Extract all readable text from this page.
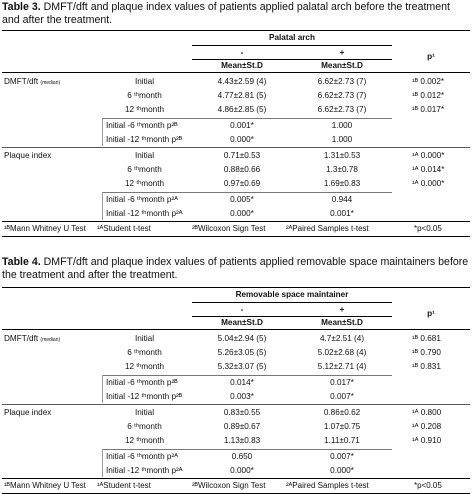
Table 3. DMFT/dft and plaque index values of patients applied palatal arch before the treatment and after the treatment.
Palatal arch
-	+	p¹
Mean±St.D	Mean±St.D
DMFT/dft (median)	Initial	4.43±2.59 (4)	6.62±2.73 (7)	¹ᴮ 0.002*
6 ᵗʰmonth	4.77±2.81 (5)	6.62±2.73 (7)	¹ᴮ 0.012*
12 ᵗʰmonth	4.86±2.85 (5)	6.62±2.73 (7)	¹ᴮ 0.017*
Initial -6 ᵗʰmonth p²ᴮ	0.001*	1.000
Initial -12 ᵗʰmonth p²ᴮ	0.000*	1.000
Plaque index	Initial	0.71±0.53	1.31±0.53	¹ᴬ 0.000*
6 ᵗʰmonth	0.88±0.66	1.3±0.78	¹ᴬ 0.014*
12 ᵗʰmonth	0.97±0.69	1.69±0.83	¹ᴬ 0.000*
Initial -6 ᵗʰmonth p²ᴬ	0.005*	0.944
Initial -12 ᵗʰmonth p²ᴬ	0.000*	0.001*
¹ᴮMann Whitney U Test ¹ᴬStudent t-test	²ᴮWilcoxon Sign Test	²ᴬPaired Samples t-test	*p<0.05
Table 4. DMFT/dft and plaque index values of patients applied removable space maintainers before the treatment and after the treatment.
Removable space maintainer
-	+	p¹
Mean±St.D	Mean±St.D
DMFT/dft (median)	Initial	5.04±2.94 (5)	4.7±2.51 (4)	¹ᴮ 0.681
6 ᵗʰmonth	5.26±3.05 (5)	5.02±2.68 (4)	¹ᴮ 0.790
12 ᵗʰmonth	5.32±3.07 (5)	5.12±2.71 (4)	¹ᴮ 0.831
Initial -6 ᵗʰmonth p²ᴮ	0.014*	0.017*
Initial -12 ᵗʰmonth p²ᴮ	0.003*	0.007*
Plaque index	Initial	0.83±0.55	0.86±0.62	¹ᴬ 0.800
6 ᵗʰmonth	0.89±0.67	1.07±0.75	¹ᴬ 0.208
12 ᵗʰmonth	1.13±0.83	1.11±0.71	¹ᴬ 0.910
Initial -6 ᵗʰmonth p²ᴬ	0.650	0.007*
Initial -12 ᵗʰmonth p²ᴬ	0.000*	0.000*
¹ᴮMann Whitney U Test ¹ᴬStudent t-test	²ᴮWilcoxon Sign Test	²ᴬPaired Samples t-test	*p<0.05
